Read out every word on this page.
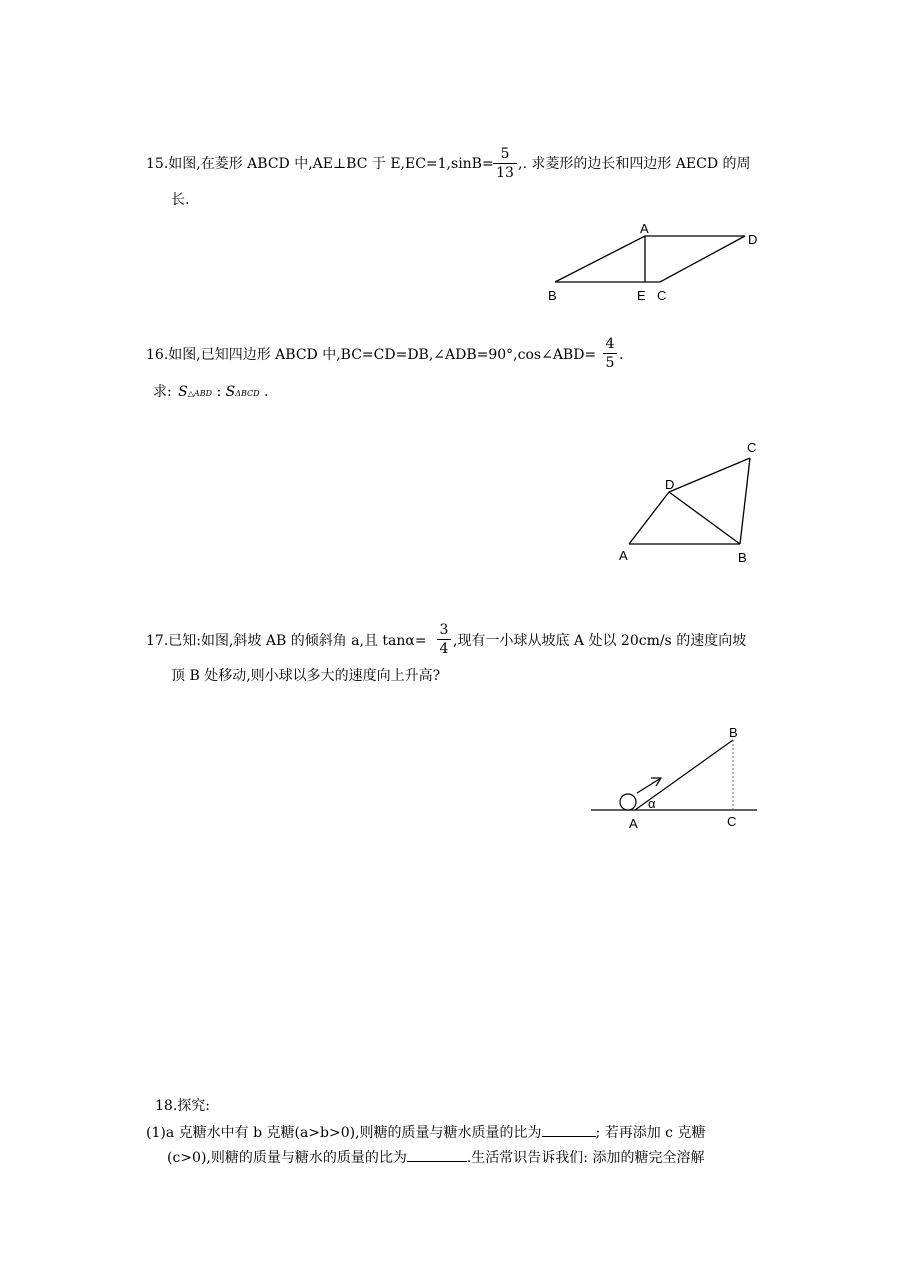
15.如图,在菱形 ABCD 中,AE⊥BC 于 E,EC=1,sinB=
5
13
,. 求菱形的边长和四边形 AECD 的周
长.
A
D
B	E C
16.如图,已知四边形 ABCD 中,BC=CD=DB,∠ADB=90°,cos∠ABD=
4
5 .
求: S△ABD : SΔBCD .
C
D
A	B
17.已知:如图,斜坡 AB 的倾斜角 a,且 tanα=
3
4 ,现有一小球从坡底 A 处以 20cm/s 的速度向坡
顶 B 处移动,则小球以多大的速度向上升高?
α
B
A	C
18.探究:
(1)a 克糖水中有 b 克糖(a>b>0),则糖的质量与糖水质量的比为	; 若再添加 c 克糖
(c>0),则糖的质量与糖水的质量的比为	.生活常识告诉我们: 添加的糖完全溶解
